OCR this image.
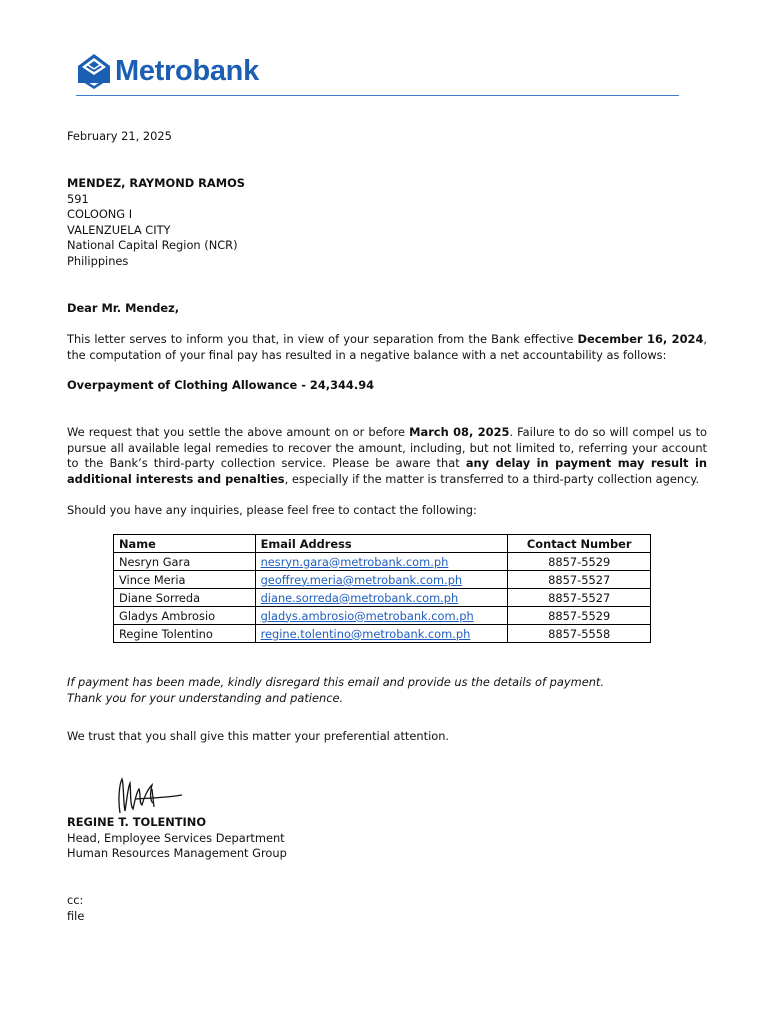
Metrobank
February 21, 2025
MENDEZ, RAYMOND RAMOS
591
COLOONG I
VALENZUELA CITY
National Capital Region (NCR)
Philippines
Dear Mr. Mendez,
This letter serves to inform you that, in view of your separation from the Bank effective December 16, 2024, the computation of your final pay has resulted in a negative balance with a net accountability as follows:
Overpayment of Clothing Allowance - 24,344.94
We request that you settle the above amount on or before March 08, 2025. Failure to do so will compel us to pursue all available legal remedies to recover the amount, including, but not limited to, referring your account to the Bank’s third-party collection service. Please be aware that any delay in payment may result in additional interests and penalties, especially if the matter is transferred to a third-party collection agency.
Should you have any inquiries, please feel free to contact the following:
Name	Email Address	Contact Number
Nesryn Gara	nesryn.gara@metrobank.com.ph	8857-5529
Vince Meria	geoffrey.meria@metrobank.com.ph	8857-5527
Diane Sorreda	diane.sorreda@metrobank.com.ph	8857-5527
Gladys Ambrosio	gladys.ambrosio@metrobank.com.ph	8857-5529
Regine Tolentino	regine.tolentino@metrobank.com.ph	8857-5558
If payment has been made, kindly disregard this email and provide us the details of payment.
Thank you for your understanding and patience.
We trust that you shall give this matter your preferential attention.
REGINE T. TOLENTINO
Head, Employee Services Department
Human Resources Management Group
cc:
file
